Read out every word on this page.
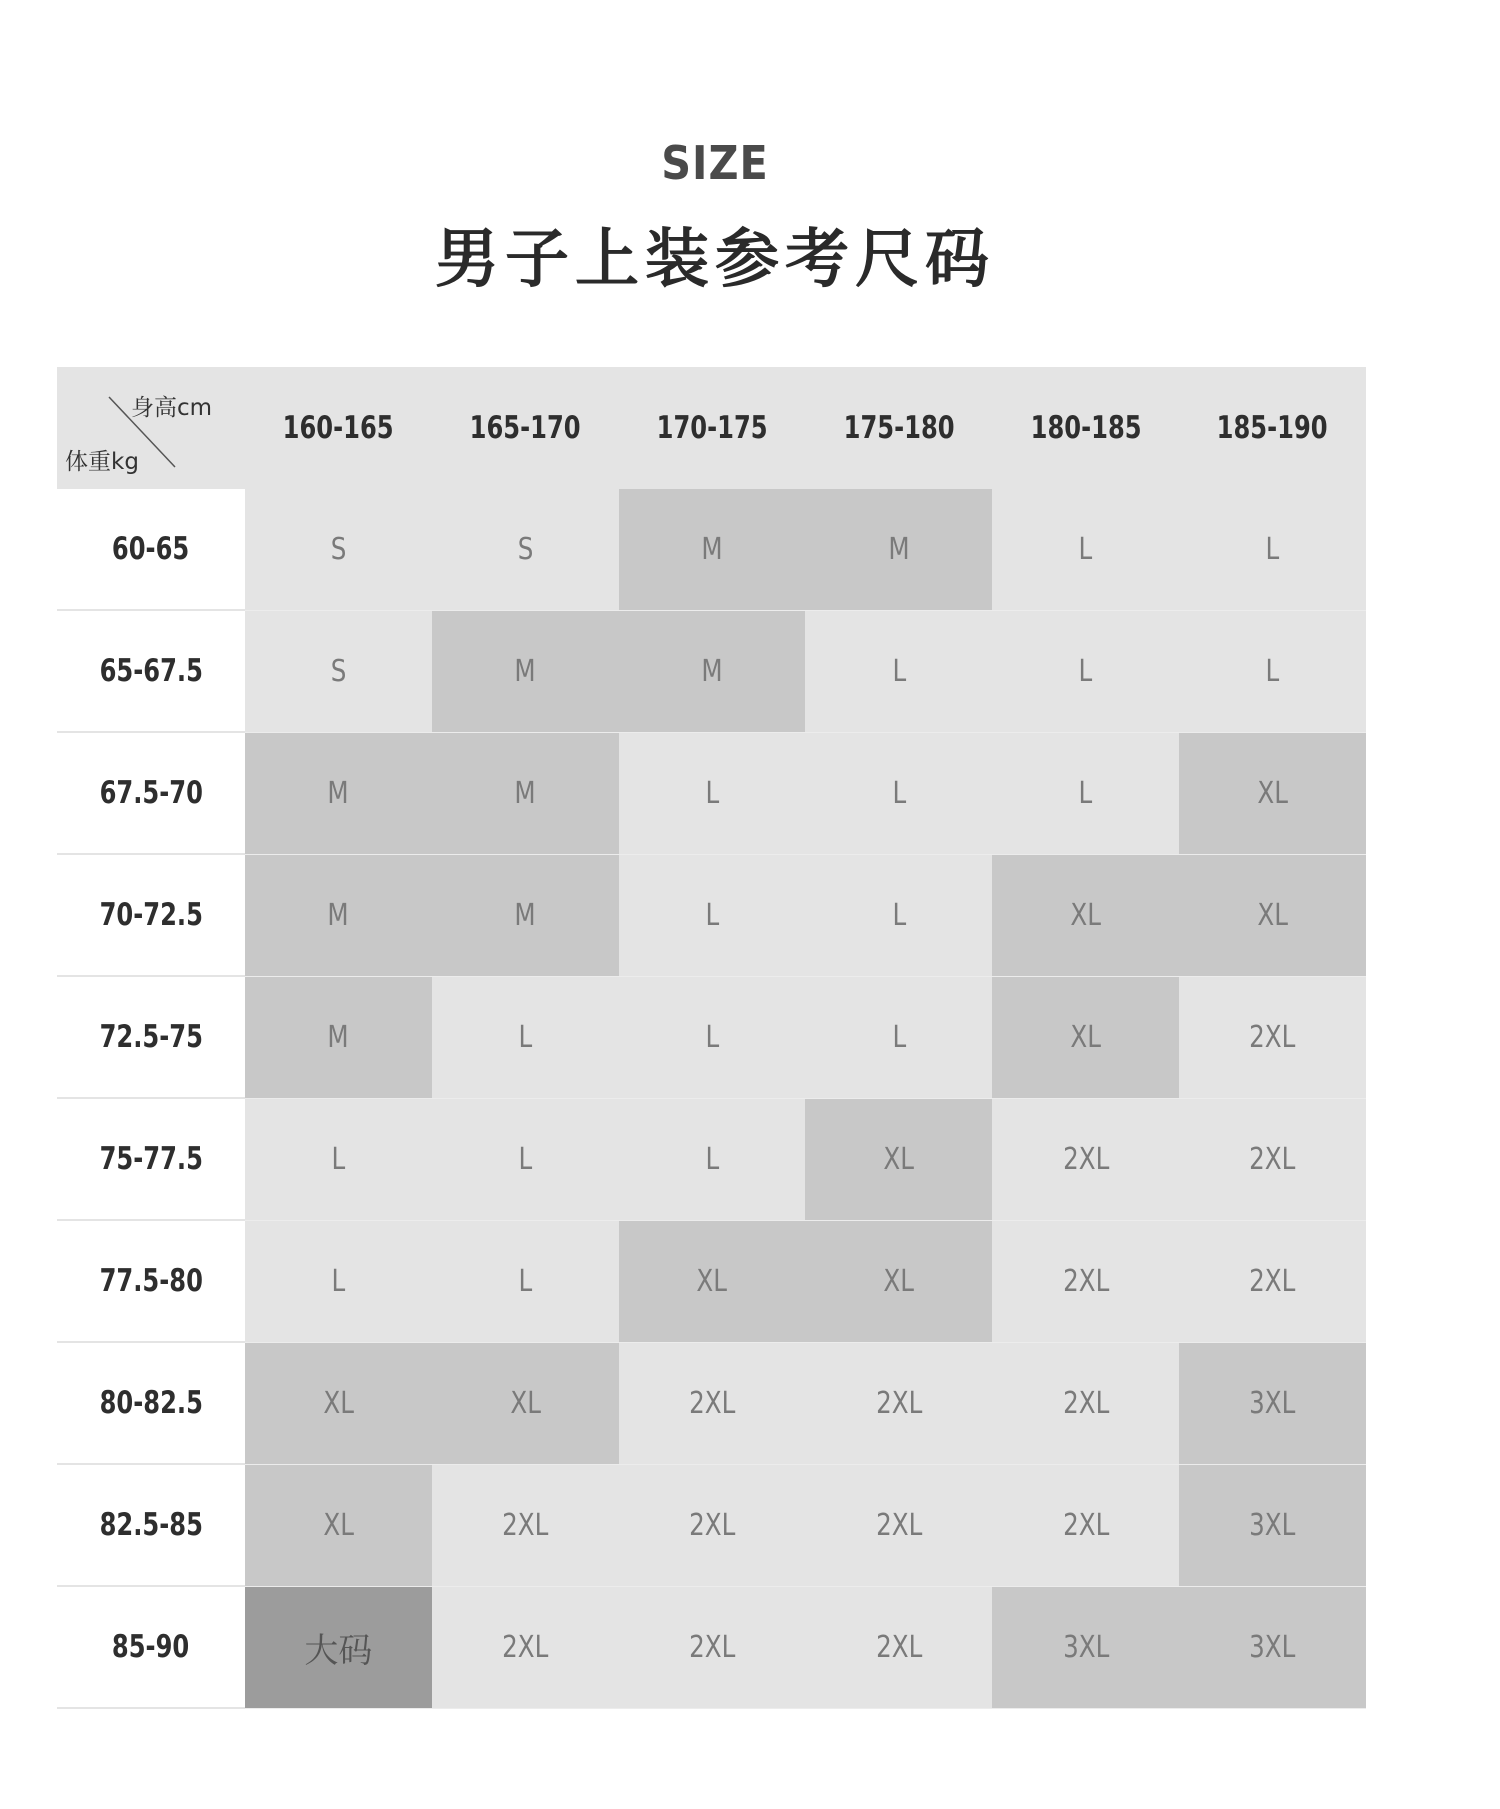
SIZE
男子上装参考尺码
身高cm
体重kg
160-165 165-170 170-175 175-180 180-185 185-190
60-65	S	S	M	M	L	L
65-67.5	S	M	M	L	L	L
67.5-70	M	M	L	L	L	XL
70-72.5	M	M	L	L	XL	XL
72.5-75	M	L	L	L	XL	2XL
75-77.5	L	L	L	XL	2XL	2XL
77.5-80	L	L	XL	XL	2XL	2XL
80-82.5	XL	XL	2XL	2XL	2XL	3XL
82.5-85	XL	2XL	2XL	2XL	2XL	3XL
85-90	大码	2XL	2XL	2XL	3XL	3XL
